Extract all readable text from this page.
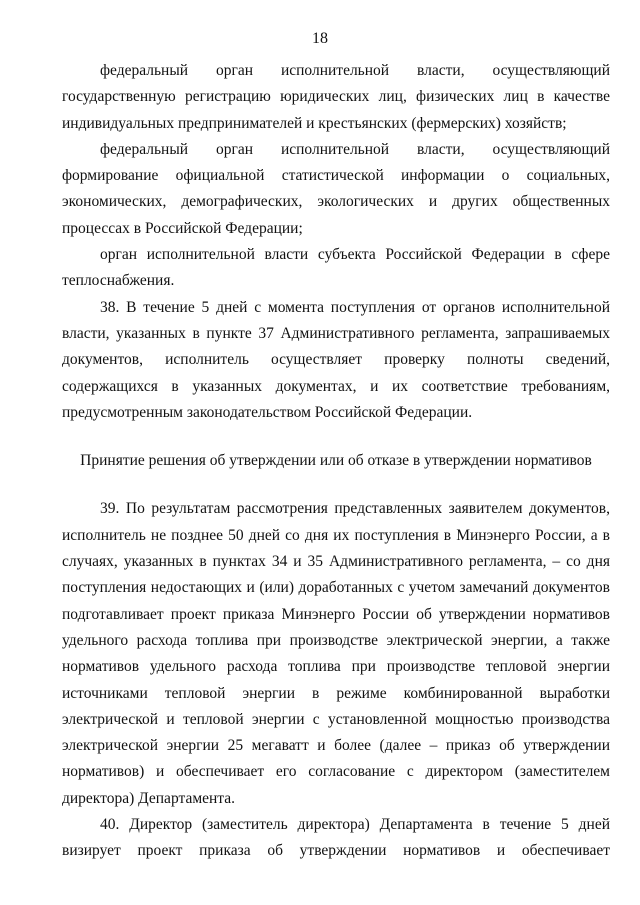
18

федеральный орган исполнительной власти, осуществляющий государственную регистрацию юридических лиц, физических лиц в качестве индивидуальных предпринимателей и крестьянских (фермерских) хозяйств;

федеральный орган исполнительной власти, осуществляющий формирование официальной статистической информации о социальных, экономических, демографических, экологических и других общественных процессах в Российской Федерации;

орган исполнительной власти субъекта Российской Федерации в сфере теплоснабжения.

38. В течение 5 дней с момента поступления от органов исполнительной власти, указанных в пункте 37 Административного регламента, запрашиваемых документов, исполнитель осуществляет проверку полноты сведений, содержащихся в указанных документах, и их соответствие требованиям, предусмотренным законодательством Российской Федерации.

Принятие решения об утверждении или об отказе в утверждении нормативов

39. По результатам рассмотрения представленных заявителем документов, исполнитель не позднее 50 дней со дня их поступления в Минэнерго России, а в случаях, указанных в пунктах 34 и 35 Административного регламента, – со дня поступления недостающих и (или) доработанных с учетом замечаний документов подготавливает проект приказа Минэнерго России об утверждении нормативов удельного расхода топлива при производстве электрической энергии, а также нормативов удельного расхода топлива при производстве тепловой энергии источниками тепловой энергии в режиме комбинированной выработки электрической и тепловой энергии с установленной мощностью производства электрической энергии 25 мегаватт и более (далее – приказ об утверждении нормативов) и обеспечивает его согласование с директором (заместителем директора) Департамента.

40. Директор (заместитель директора) Департамента в течение 5 дней визирует проект приказа об утверждении нормативов и обеспечивает
